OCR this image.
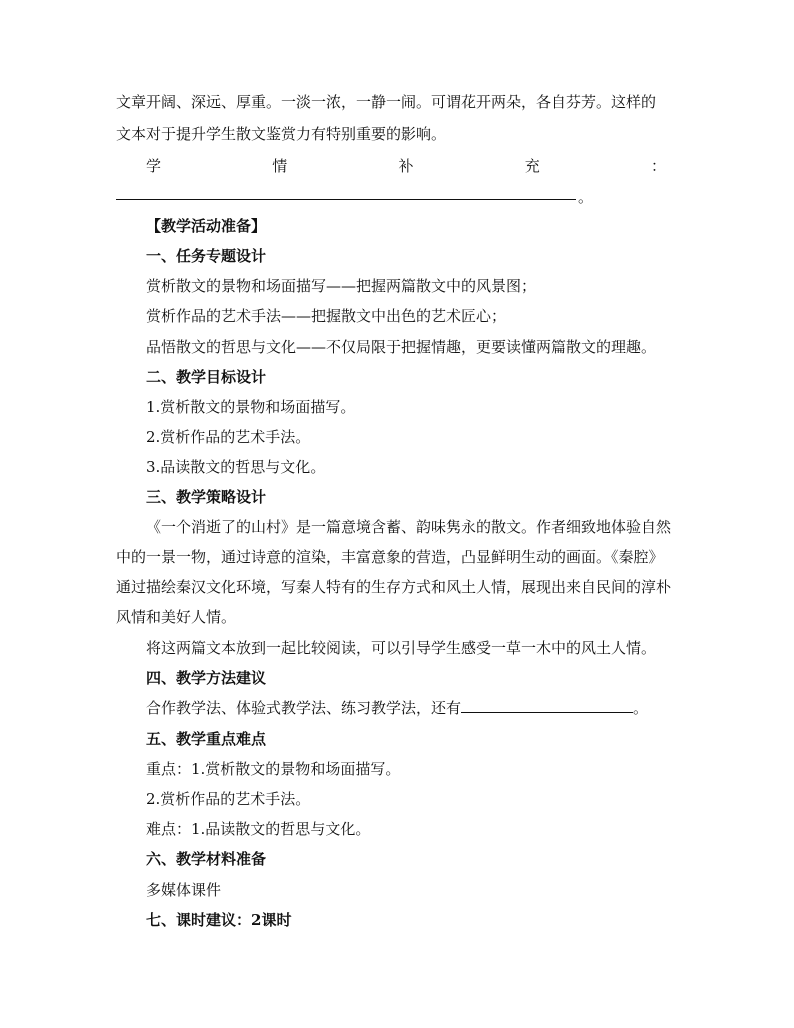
文章开阔、深远、厚重。一淡一浓，一静一闹。可谓花开两朵，各自芬芳。这样的
文本对于提升学生散文鉴赏力有特别重要的影响。
学	情	补	充	：
。
【教学活动准备】
一、任务专题设计
赏析散文的景物和场面描写——把握两篇散文中的风景图；
赏析作品的艺术手法——把握散文中出色的艺术匠心；
品悟散文的哲思与文化——不仅局限于把握情趣，更要读懂两篇散文的理趣。
二、教学目标设计
1.赏析散文的景物和场面描写。
2.赏析作品的艺术手法。
3.品读散文的哲思与文化。
三、教学策略设计
《一个消逝了的山村》是一篇意境含蓄、韵味隽永的散文。作者细致地体验自然中的一景一物，通过诗意的渲染，丰富意象的营造，凸显鲜明生动的画面。《秦腔》通过描绘秦汉文化环境，写秦人特有的生存方式和风土人情，展现出来自民间的淳朴风情和美好人情。
将这两篇文本放到一起比较阅读，可以引导学生感受一草一木中的风土人情。
四、教学方法建议
合作教学法、体验式教学法、练习教学法，还有	。
五、教学重点难点
重点：1.赏析散文的景物和场面描写。
2.赏析作品的艺术手法。
难点：1.品读散文的哲思与文化。
六、教学材料准备
多媒体课件
七、课时建议：2课时
